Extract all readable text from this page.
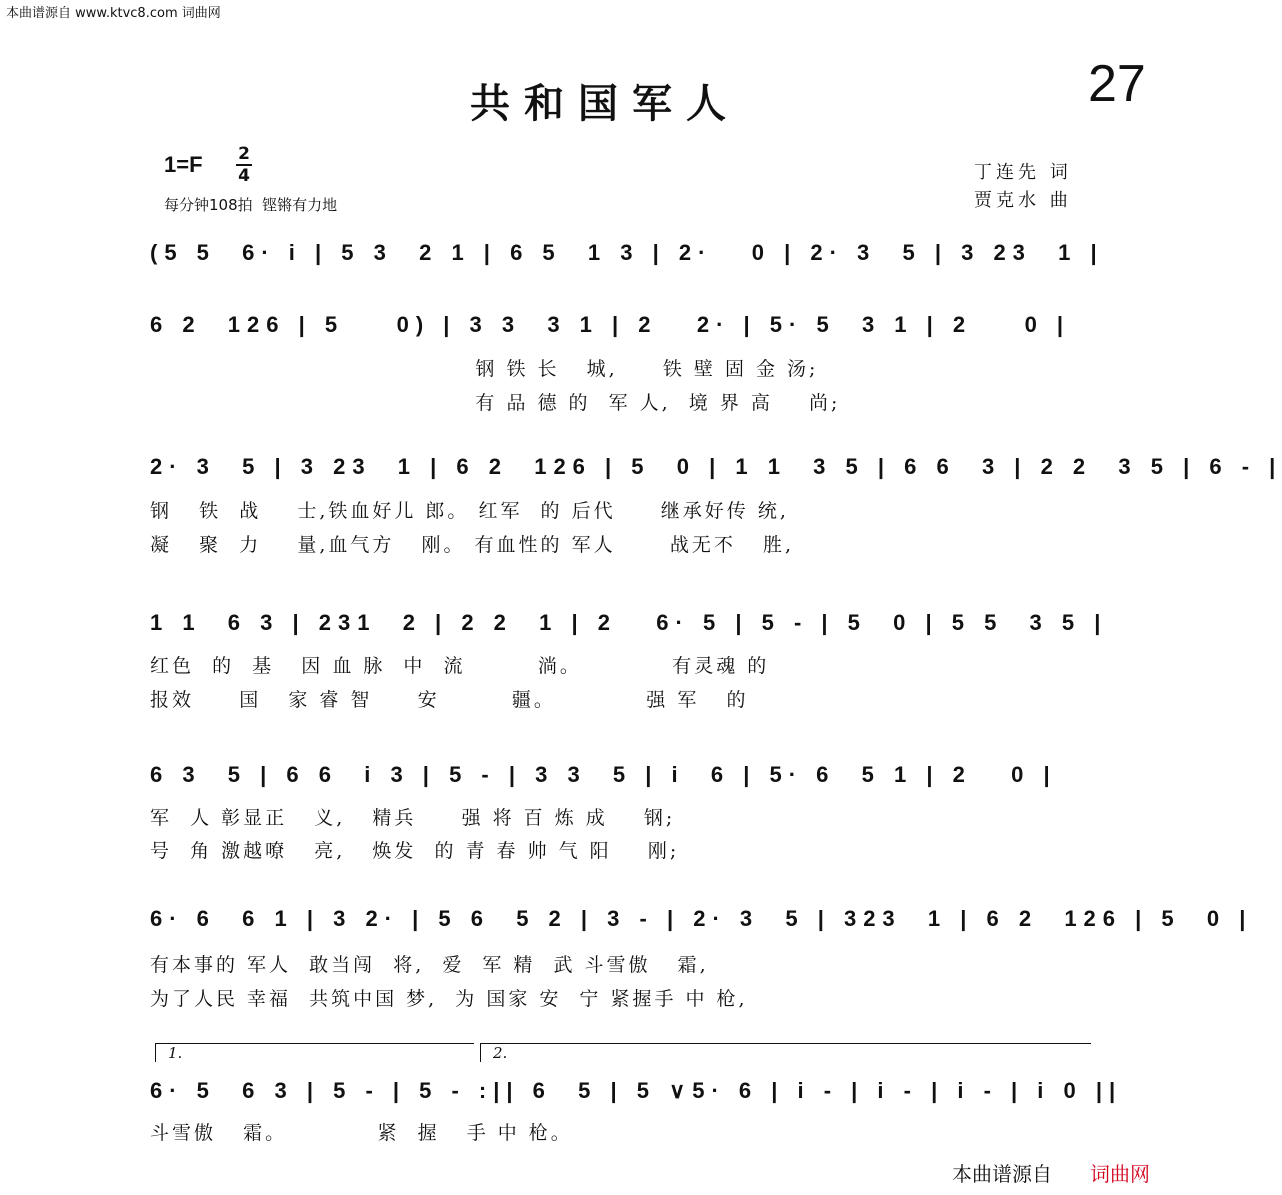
本曲谱源自 www.ktvc8.com 词曲网
共和国军人	27
1=F 2
4
每分钟108拍  铿锵有力地
丁连先 词
贾克水 曲
(5 5  6· i | 5 3  2 1 | 6 5  1 3 | 2·   0 | 2· 3  5 | 3 23  1 |
6 2  126 | 5    0) | 3 3  3 1 | 2   2· | 5· 5  3 1 | 2    0 |
钢 铁 长   城,     铁 壁 固 金 汤;
有 品 德 的  军 人,  境 界 高    尚;
2· 3  5 | 3 23  1 | 6 2  126 | 5  0 | 1 1  3 5 | 6 6  3 | 2 2  3 5 | 6 - |
钢   铁  战    士,铁血好儿 郎。 红军  的 后代     继承好传 统,
凝   聚  力    量,血气方   刚。 有血性的 军人      战无不   胜,
1 1  6 3 | 231  2 | 2 2  1 | 2   6· 5 | 5 - | 5  0 | 5 5  3 5 |
红色  的  基   因 血 脉  中  流        淌。          有灵魂 的
报效     国   家 睿 智     安        疆。          强 军   的
6 3  5 | 6 6  i 3 | 5 - | 3 3  5 | i  6 | 5· 6  5 1 | 2   0 |
军  人 彰显正   义,   精兵     强 将 百 炼 成    钢;
号  角 激越嘹   亮,   焕发  的 青 春 帅 气 阳    刚;
6· 6  6 1 | 3 2· | 5 6  5 2 | 3 - | 2· 3  5 | 323  1 | 6 2  126 | 5  0 |
有本事的 军人  敢当闯  将,  爱  军 精  武 斗雪傲   霜,
为了人民 幸福  共筑中国 梦,  为 国家 安  宁 紧握手 中 枪,
1.	2.
6· 5  6 3 | 5 - | 5 - :|| 6  5 | 5 ∨5· 6 | i - | i - | i - | i 0 ||
斗雪傲   霜。          紧  握   手 中 枪。
本曲谱源自 词曲网
